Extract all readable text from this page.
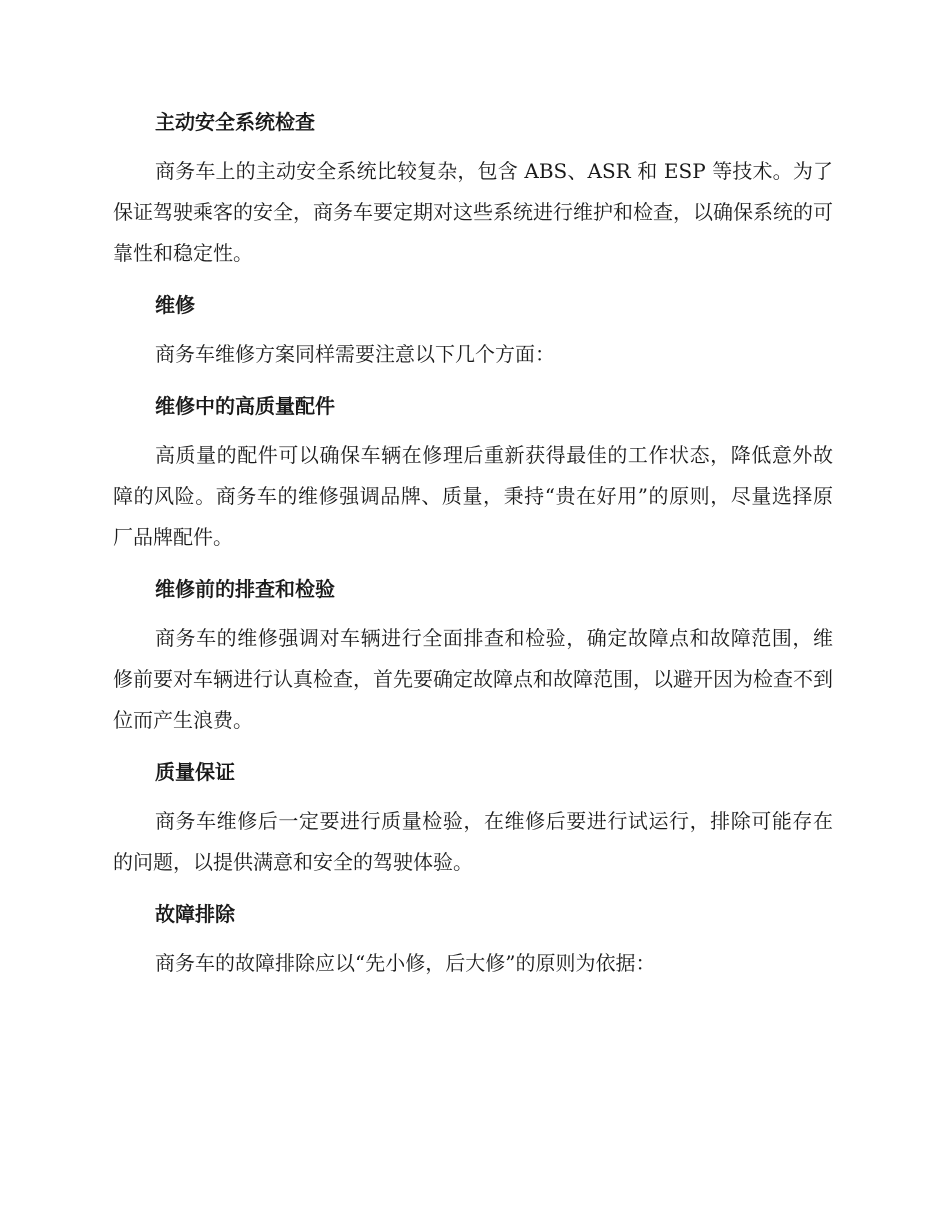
主动安全系统检查

商务车上的主动安全系统比较复杂，包含 ABS、ASR 和 ESP 等技术。为了保证驾驶乘客的安全，商务车要定期对这些系统进行维护和检查，以确保系统的可靠性和稳定性。

维修

商务车维修方案同样需要注意以下几个方面：

维修中的高质量配件

高质量的配件可以确保车辆在修理后重新获得最佳的工作状态，降低意外故障的风险。商务车的维修强调品牌、质量，秉持“贵在好用”的原则，尽量选择原厂品牌配件。

维修前的排查和检验

商务车的维修强调对车辆进行全面排查和检验，确定故障点和故障范围，维修前要对车辆进行认真检查，首先要确定故障点和故障范围，以避开因为检查不到位而产生浪费。

质量保证

商务车维修后一定要进行质量检验，在维修后要进行试运行，排除可能存在的问题，以提供满意和安全的驾驶体验。

故障排除

商务车的故障排除应以“先小修，后大修”的原则为依据：
